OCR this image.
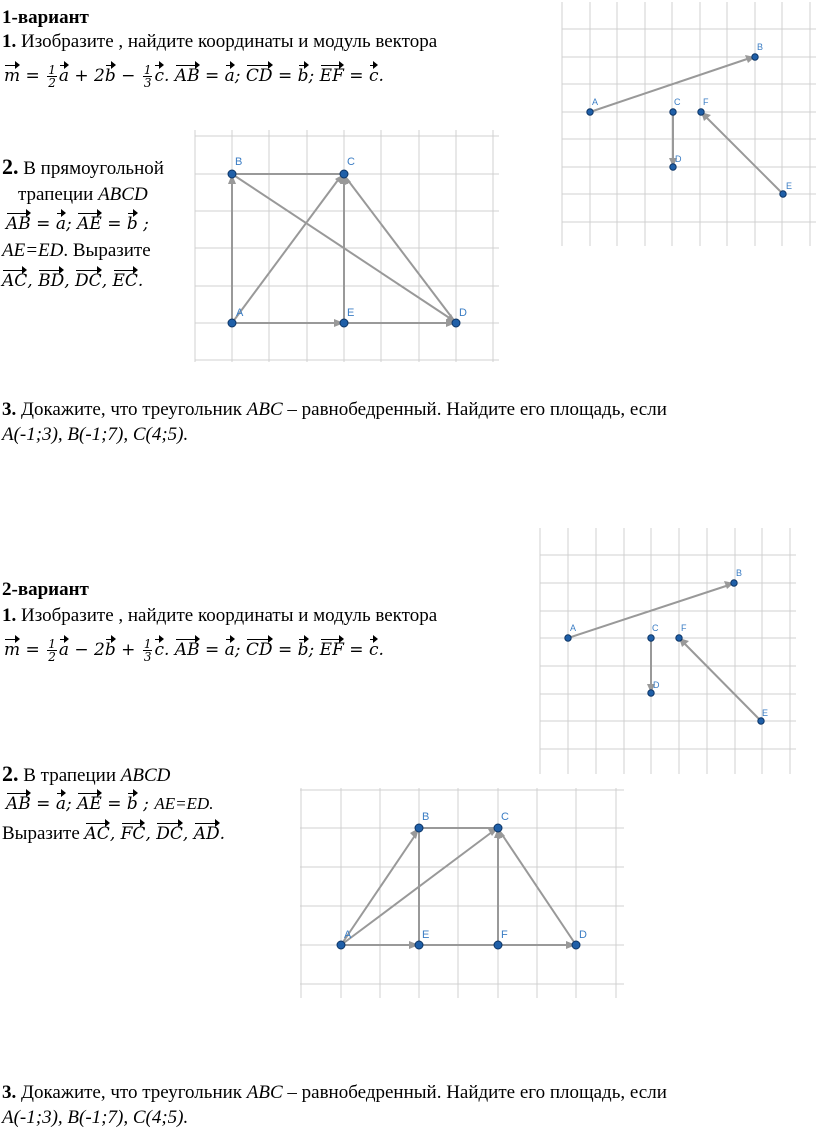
1-вариант
1. Изобразите , найдите координаты и модуль вектора
$m = \frac{1}{2}$ $a + 2b - \frac{1}{3} c$. AB = a; CD = b; EF = c.
A
B
C
D
E
F
2. В прямоугольной
трапеции ABCD
AB = a; AE = b ;
AE=ED. Выразите
AC, BD, DC, EC.
B	C
A	E	D
3. Докажите, что треугольник ABC – равнобедренный. Найдите его площадь, если
A(-1;3), B(-1;7), C(4;5).
2-вариант
1. Изобразите , найдите координаты и модуль вектора
$m = \frac{1}{2}$ $a - 2b + \frac{1}{3} c$. AB = a; CD = b; EF = c.
A
B
C
D
E
F
2. В трапеции ABCD
AB = a; AE = b ; AE=ED.
Выразите AC, FC, DC, AD.
B	C
A	E	F	D
3. Докажите, что треугольник ABC – равнобедренный. Найдите его площадь, если
A(-1;3), B(-1;7), C(4;5).
